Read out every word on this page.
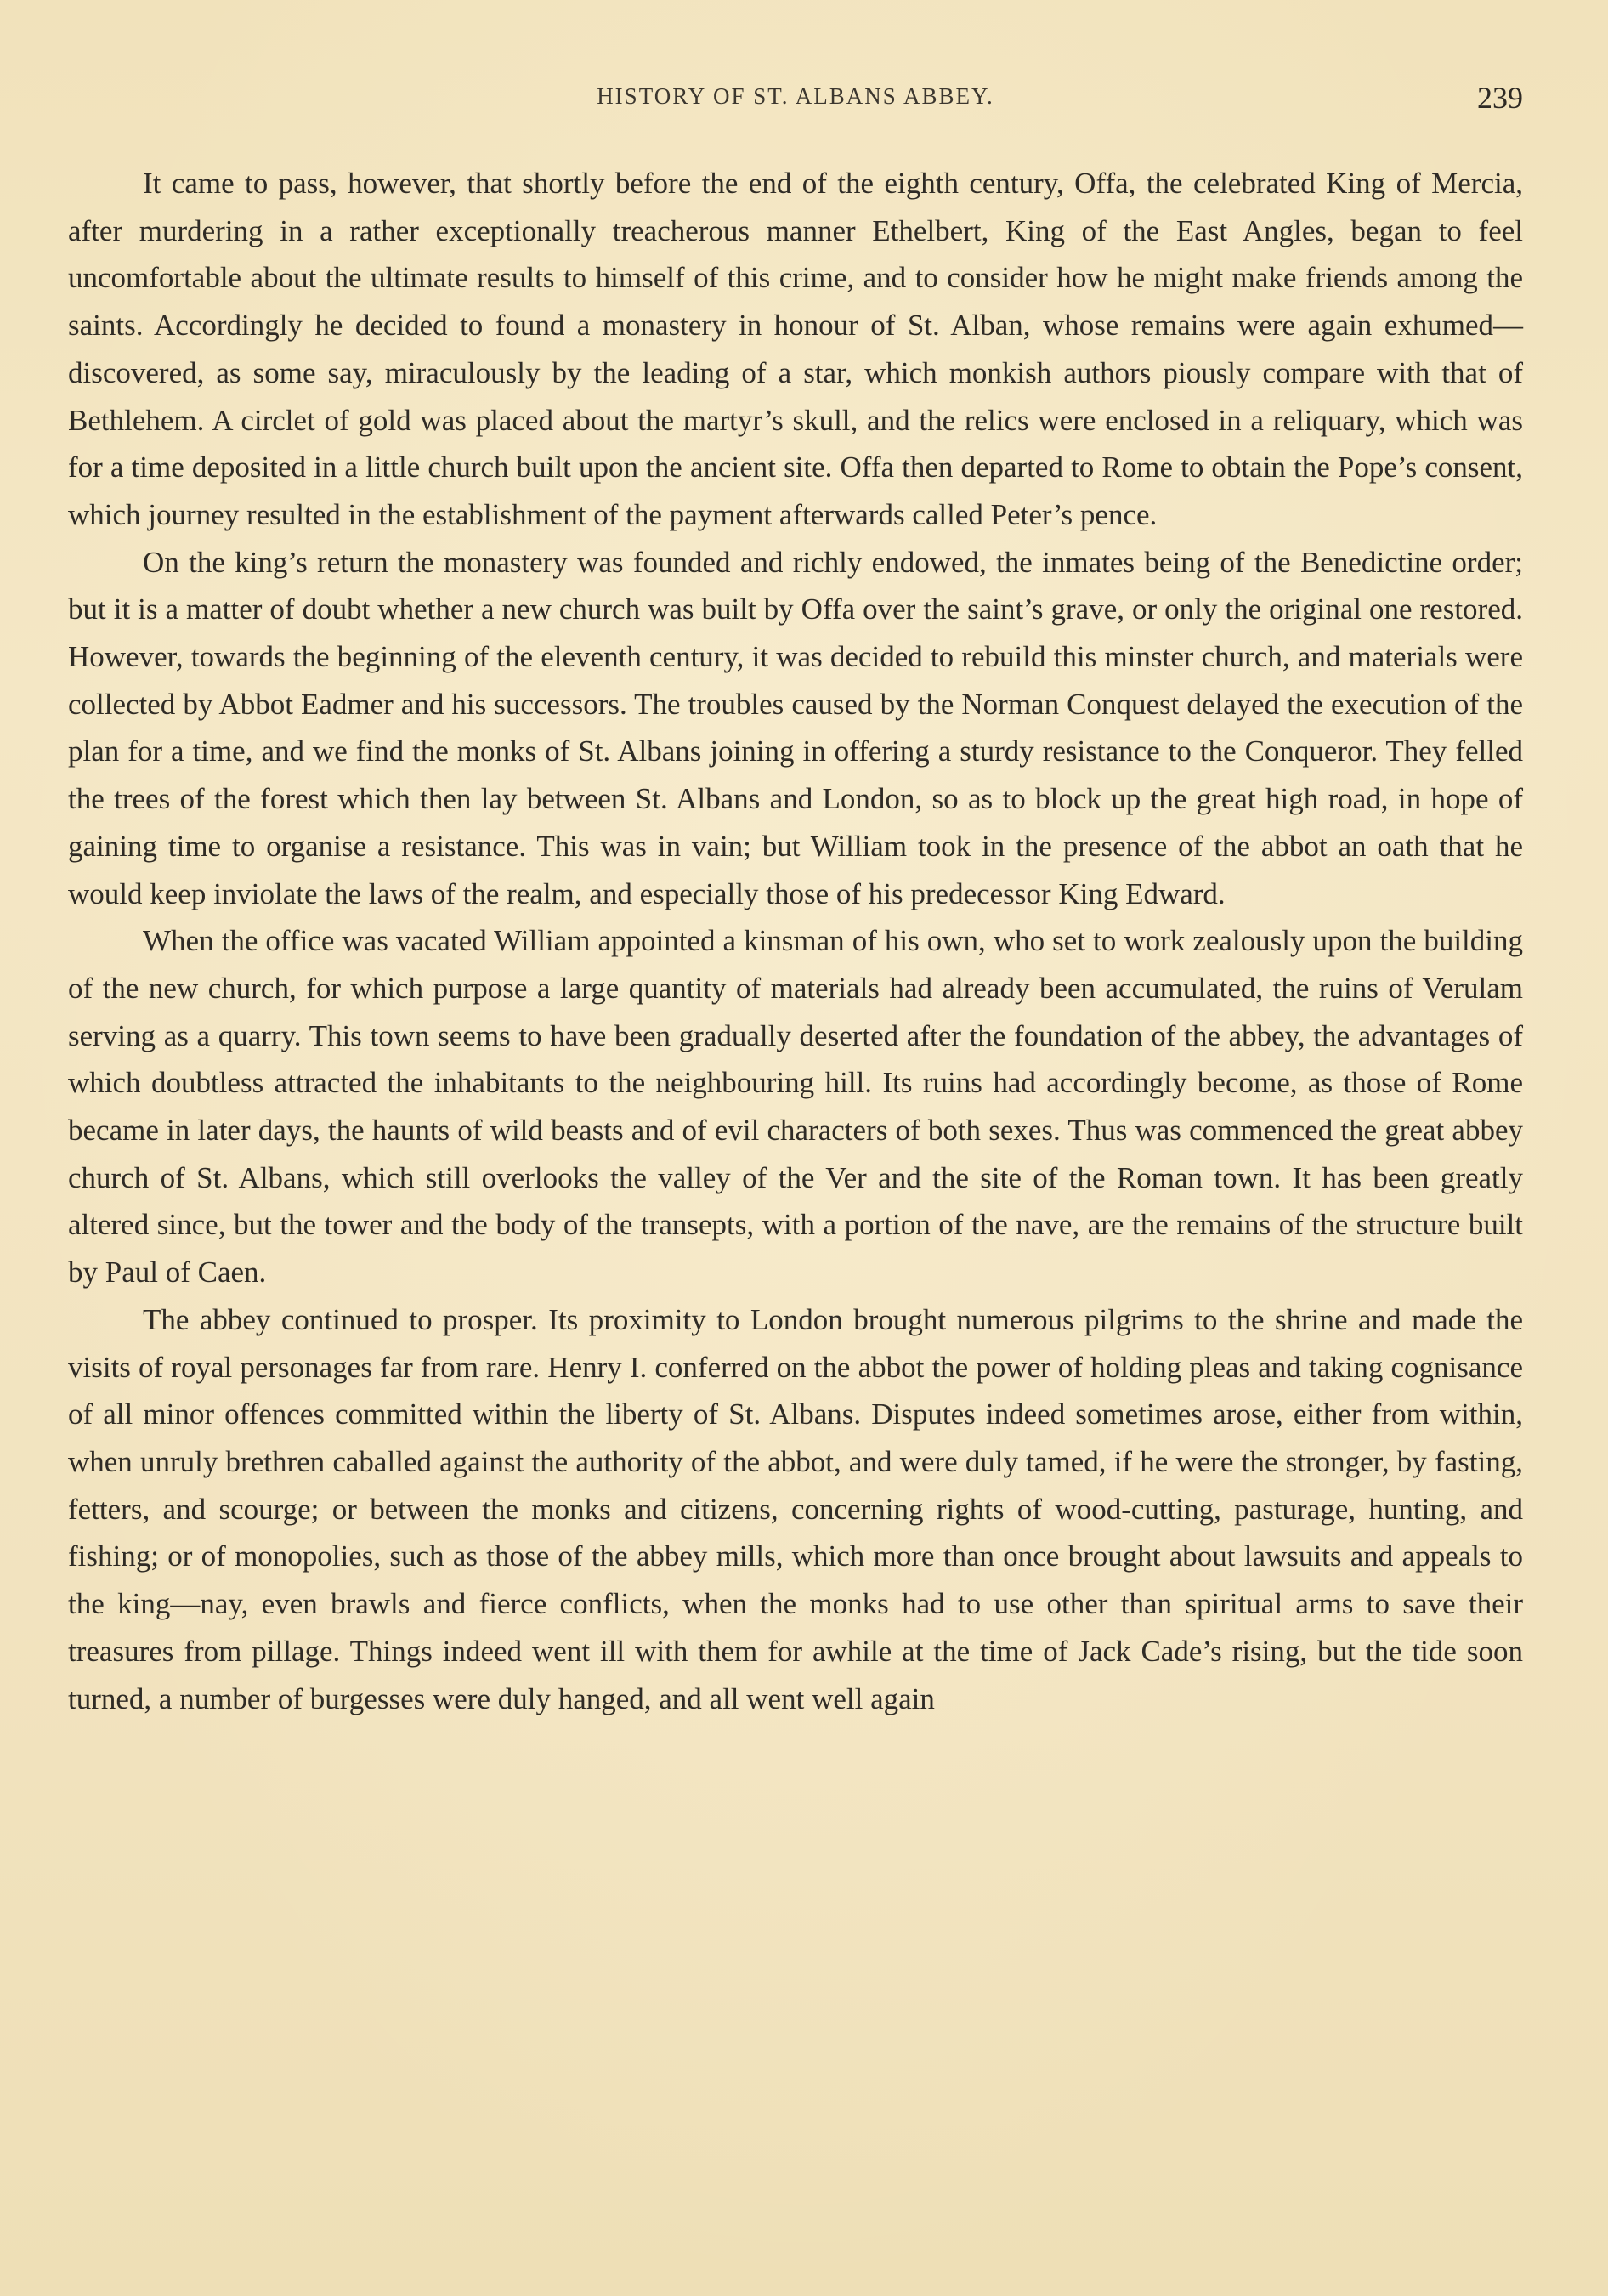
HISTORY OF ST. ALBANS ABBEY.	239

It came to pass, however, that shortly before the end of the eighth century, Offa, the celebrated King of Mercia, after murdering in a rather exceptionally treacherous manner Ethelbert, King of the East Angles, began to feel uncomfortable about the ultimate results to himself of this crime, and to consider how he might make friends among the saints. Accordingly he decided to found a monastery in honour of St. Alban, whose remains were again exhumed—discovered, as some say, miraculously by the leading of a star, which monkish authors piously compare with that of Bethlehem. A circlet of gold was placed about the martyr’s skull, and the relics were enclosed in a reliquary, which was for a time deposited in a little church built upon the ancient site. Offa then departed to Rome to obtain the Pope’s consent, which journey resulted in the establishment of the payment afterwards called Peter’s pence.

On the king’s return the monastery was founded and richly endowed, the inmates being of the Benedictine order; but it is a matter of doubt whether a new church was built by Offa over the saint’s grave, or only the original one restored. However, towards the beginning of the eleventh century, it was decided to rebuild this minster church, and materials were collected by Abbot Eadmer and his successors. The troubles caused by the Norman Conquest delayed the execution of the plan for a time, and we find the monks of St. Albans joining in offering a sturdy resistance to the Conqueror. They felled the trees of the forest which then lay between St. Albans and London, so as to block up the great high road, in hope of gaining time to organise a resistance. This was in vain; but William took in the presence of the abbot an oath that he would keep inviolate the laws of the realm, and especially those of his predecessor King Edward.

When the office was vacated William appointed a kinsman of his own, who set to work zealously upon the building of the new church, for which purpose a large quantity of materials had already been accumulated, the ruins of Verulam serving as a quarry. This town seems to have been gradually deserted after the foundation of the abbey, the advantages of which doubtless attracted the inhabitants to the neighbouring hill. Its ruins had accordingly become, as those of Rome became in later days, the haunts of wild beasts and of evil characters of both sexes. Thus was commenced the great abbey church of St. Albans, which still overlooks the valley of the Ver and the site of the Roman town. It has been greatly altered since, but the tower and the body of the transepts, with a portion of the nave, are the remains of the structure built by Paul of Caen.

The abbey continued to prosper. Its proximity to London brought numerous pilgrims to the shrine and made the visits of royal personages far from rare. Henry I. conferred on the abbot the power of holding pleas and taking cognisance of all minor offences committed within the liberty of St. Albans. Disputes indeed sometimes arose, either from within, when unruly brethren caballed against the authority of the abbot, and were duly tamed, if he were the stronger, by fasting, fetters, and scourge; or between the monks and citizens, concerning rights of wood-cutting, pasturage, hunting, and fishing; or of monopolies, such as those of the abbey mills, which more than once brought about lawsuits and appeals to the king—nay, even brawls and fierce conflicts, when the monks had to use other than spiritual arms to save their treasures from pillage. Things indeed went ill with them for awhile at the time of Jack Cade’s rising, but the tide soon turned, a number of burgesses were duly hanged, and all went well again
